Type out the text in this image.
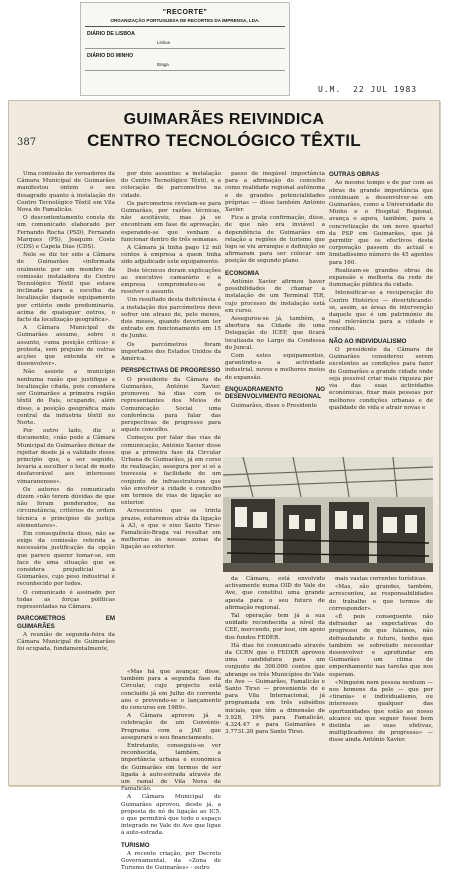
"RECORTE"
ORGANIZAÇÃO PORTUGUESA DE RECORTES DA IMPRENSA, LDA.
DIÁRIO DE LISBOA
Lisboa
DIÁRIO DO MINHO
Braga
U.M. 22 JUL 1983
387
GUIMARÃES REIVINDICA
CENTRO TECNOLÓGICO TÊXTIL

Uma comissão de vereadores da Câmara Municipal de Guimarães manifestou ontem o seu desagrado quanto à instalação do Centro Tecnológico Têxtil em Vila Nova de Famalicão.

O descontentamento consta de um comunicado elaborado por Fernando Rocha (PSD), Fernando Marques (PS), Joaquim Costa (CDS) e Capela Dias (CDS).

Nele se diz ter sido a Câmara de Guimarães «informada oralmente por um membro da comissão instaladora do Centro Tecnológico Têxtil que estava inclinada para a escolha da localização daquele equipamento por critério onde predominaria, acima de quaisquer outros, o facto da localização geográfica».

A Câmara Municipal de Guimarães assume, sobre o assunto, «uma posição crítica» e protesta, sem prejuízo de outras acções que entenda vir a desenvolver».

Não assiste a município nenhuma razão que justifique a localização citada, pois considera ser Guimarães a primeira região têxtil do País, ocupando, além disso, a posição geográfica mais central da indústria têxtil no Norte.

Por outro lado, diz o documento, «não pode a Câmara Municipal de Guimarães deixar de rejeitar desde já a validade desse princípio que, a ser seguido, levaria a escolher o local de modo desfavorável aos interesses vimaranenses».

Os autores do comunicado dizem «não terem dúvidas de que não foram ponderados, na circunstância, critérios de ordem técnica e princípios de justiça elementares».

Em consequência disso, não se exige da comissão referida a necessária justificação da opção que parece querer tomar-se, em face de uma situação que se considera prejudicial a Guimarães, cujo peso industrial é reconhecido por todos.

O comunicado é assinado por todas as forças políticas representadas na Câmara.

PARCOMETROS EM GUIMARÃES

A reunião de segunda-feira da Câmara Municipal de Guimarães foi ocupada, fundamentalmente,

por dois assuntos: a instalação do Centro Tecnológico Têxtil, e a colocação de parcometros na cidade.

Os parcometros revelam-se para Guimarães, por razões técnicas, não aceitáveis, mas já se encontram em fase de aprovação, esperando-se que venham a funcionar dentro de três semanas.

A Câmara já tinha pago 12 mil contos à empresa a quem tinha sido adjudicado este equipamento.

Dois técnicos deram explicações ao executivo camarário e a empresa comprometeu-se a resolver o assunto.

Um resultado desta deficiência é a instalação dos parcómetros deve sofrer um atraso de, pelo menos, dois meses, quando deveriam ter entrado em funcionamento em 15 de Junho.

Os parcómetros foram importados dos Estados Unidos da América.

PERSPECTIVAS DE PROGRESSO

O presidente da Câmara de Guimarães, António Xavier, promoveu há dias com os representantes dos Meios de Comunicação Social uma conferência para falar das perspectivas de progresso para aquele concelho.

Começou por falar das vias de comunicação, António Xavier disse que a primeira fase da Circular Urbana de Guimarães, já em curso de realização, assegura por si só a travessia e facilidade de um conjunto de infraestruturas que vão envolver a cidade e concelho em termos de vias de ligação ao exterior.

Acrescentou que os trinta prazos, estaremos atrás da ligação à A3, e que o eixo Santo Tirso-Famalicão-Braga vai resultar em melhorias às nossas zonas de ligação ao exterior.

«Mas há que avançar, disse, também para a segunda fase da Circular, cujo projecto está concluído já em Julho do corrente ano e prevendo-se o lançamento do concurso em 1989».

A Câmara aprovou já a celebração de um Convénio-Programa com a JAE que assegurará o seu financiamento.

Entretanto, conseguiu-se ver reconhecida, também, a importância urbana e económica de Guimarães em termos de ser ligada à auto-estrada através de um ramal de Vila Nova de Famalicão.

A Câmara Municipal de Guimarães aprovou, desde já, a proposta do nó de ligação ao IC5, o que permitirá que todo o espaço integrado no Vale do Ave que ligue à auto-estrada.

TURISMO

A recente criação, por Decreto Governamental, da «Zona de Turismo de Guimarães» - outro

passo de inegável importância para a afirmação do concelho como realidade regional autónoma e de grandes potencialidades próprias — disse também António Xavier.

Fica a grata confirmação, disse, de que não era inviável a dependência de Guimarães em relação a regiões de turismo que logo se viu arranque e definição se afirmaram para ser colocar um posição de segundo plano.

ECONOMIA

António Xavier afirmou haver possibilidades de chamar a instalação de um Terminal TIR, cujo processo de instalação está em curso.

Assegurou-se já, também, a abertura na Cidade de uma Delegação do ICEP, que ficará localizada no Largo da Condessa do Juncal.

Com estes equipamentos, garantindo-a a actividade industrial, novos e melhores meios de expansão.

ENQUADRAMENTO NO DESENVOLVIMENTO REGIONAL

Guimarães, disse o Presidente

OUTRAS OBRAS

Ao mesmo tempo e de par com as obras de grande importância que continuam a desenvolver-se em Guimarães, como a Universidade do Minho e o Hospital Regional, avança o agora, também, para a concretização de um novo quartel da PSP em Guimarães, que já permitir que os efectivos desta corporação passem do actual e limitadíssimo número de 45 agentes para 160.

Realizam-se grandes obras de expansão e melhoria da rede de iluminação pública da cidade.

Intensificar-se a recuperação do Centro Histórico — divertificando-se, assim, as áreas de intervenção daquele que é um património de real relevância para a cidade e concelho.

NÃO AO INDIVIDUALISMO

O presidente da Câmara de Guimarães considerou serem excelentes as condições para fazer de Guimarães a grande cidade onde seja possível criar mais riqueza por via das suas actividades económicas, fixar mais pessoas por melhores condições urbanas e de qualidade de vida e atrair novas e

da Câmara, está envolvido activamente numa OID do Vale do Ave, que constitui uma grande aposta para o seu futuro de afirmação regional.

Tal operação tem já a sua unidade reconhecida a nível da CEE, mercendo, por isso, um apoio dos fundos FEDER.

Há dias foi comunicado através da CCRN que o FEDER aprovou uma candidatura para um conjunto de 300.000 contos que abrange os três Municípios do Vale do Ave — Guimarães, Famalicão e Santo Tirso — proveniente de e para Vila Internacional, já programada em três subsídios iniciais, que têm a dimensão de 3.928, 19% para Famalicão, 4.324.47 e para Guimarães e 3.7731.20 para Santo Tirso.

mais vastas correntes turísticas.

«Mas, são grandes, também, acrescentou, as responsabilidades do trabalho e que termos de corresponder».

«É pois consequente não defraudar as expectativas do progresso de que falamos, não defraudando o futuro, tenho que também se sobretudo necessitar desenvolver e aprofundar em Guimarães um clima de empenhamento nas tarefas que nos esperam.

«Ninguém nem pessoa nenhum — nos homens da pele — que por «tirania» e individualismo, ou interesses qualquer das oportunidades que estão ao nosso alcance ou que seguer fosse bem distinta as suas efetivas, multiplicadores de progresso» — disse ainda António Xavier.
